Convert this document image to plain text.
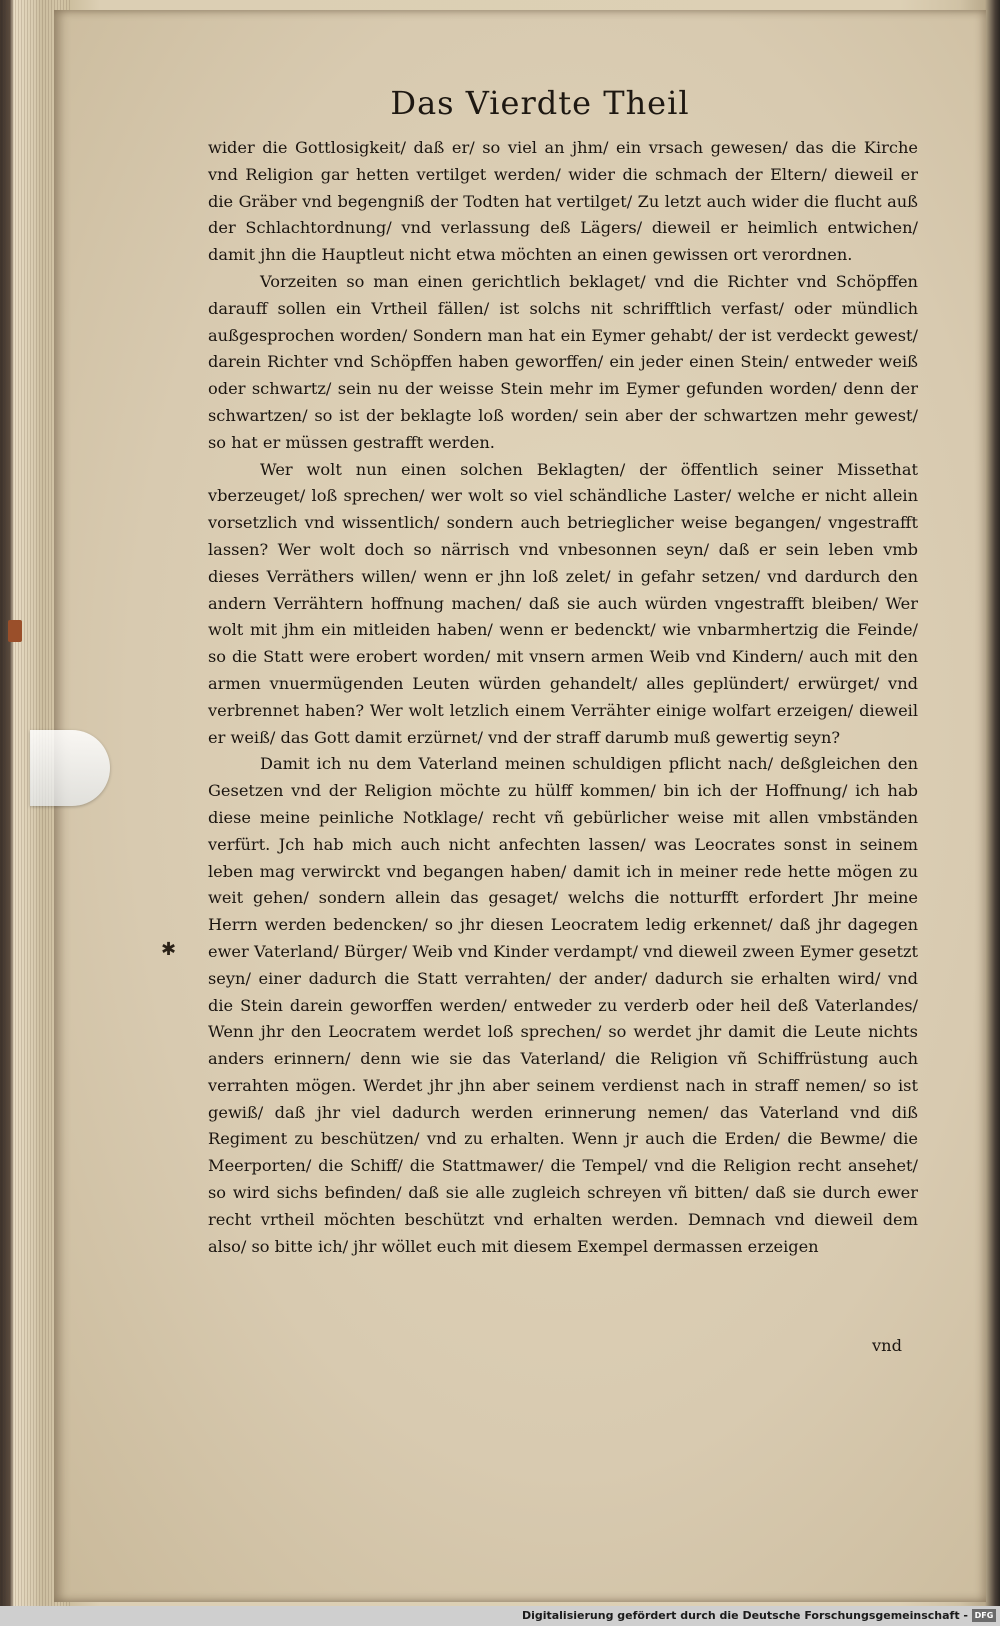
Das Vierdte Theil

wider die Gottlosigkeit/ daß er/ so viel an jhm/ ein vrsach gewesen/ das die Kirche vnd Religion gar hetten vertilget werden/ wider die schmach der Eltern/ dieweil er die Gräber vnd begengniß der Todten hat vertilget/ Zu letzt auch wider die flucht auß der Schlachtordnung/ vnd verlassung deß Lägers/ dieweil er heimlich entwichen/ damit jhn die Hauptleut nicht etwa möchten an einen gewissen ort verordnen.

Vorzeiten so man einen gerichtlich beklaget/ vnd die Richter vnd Schöpffen darauff sollen ein Vrtheil fällen/ ist solchs nit schrifftlich verfast/ oder mündlich außgesprochen worden/ Sondern man hat ein Eymer gehabt/ der ist verdeckt gewest/ darein Richter vnd Schöpffen haben geworffen/ ein jeder einen Stein/ entweder weiß oder schwartz/ sein nu der weisse Stein mehr im Eymer gefunden worden/ denn der schwartzen/ so ist der beklagte loß worden/ sein aber der schwartzen mehr gewest/ so hat er müssen gestrafft werden.

Wer wolt nun einen solchen Beklagten/ der öffentlich seiner Missethat vberzeuget/ loß sprechen/ wer wolt so viel schändliche Laster/ welche er nicht allein vorsetzlich vnd wissentlich/ sondern auch betrieglicher weise begangen/ vngestrafft lassen? Wer wolt doch so närrisch vnd vnbesonnen seyn/ daß er sein leben vmb dieses Verräthers willen/ wenn er jhn loß zelet/ in gefahr setzen/ vnd dardurch den andern Verrähtern hoffnung machen/ daß sie auch würden vngestrafft bleiben/ Wer wolt mit jhm ein mitleiden haben/ wenn er bedenckt/ wie vnbarmhertzig die Feinde/ so die Statt were erobert worden/ mit vnsern armen Weib vnd Kindern/ auch mit den armen vnuermügenden Leuten würden gehandelt/ alles geplündert/ erwürget/ vnd verbrennet haben? Wer wolt letzlich einem Verrähter einige wolfart erzeigen/ dieweil er weiß/ das Gott damit erzürnet/ vnd der straff darumb muß gewertig seyn?

Damit ich nu dem Vaterland meinen schuldigen pflicht nach/ deßgleichen den Gesetzen vnd der Religion möchte zu hülff kommen/ bin ich der Hoffnung/ ich hab diese meine peinliche Notklage/ recht vñ gebürlicher weise mit allen vmbständen verfürt. Jch hab mich auch nicht anfechten lassen/ was Leocrates sonst in seinem leben mag verwirckt vnd begangen haben/ damit ich in meiner rede hette mögen zu weit gehen/ sondern allein das gesaget/ welchs die notturfft erfordert Jhr meine Herrn werden bedencken/ so jhr diesen Leocratem ledig erkennet/ daß jhr dagegen ewer Vaterland/ Bürger/ Weib vnd Kinder verdampt/ vnd dieweil zween Eymer gesetzt seyn/ einer dadurch die Statt verrahten/ der ander/ dadurch sie erhalten wird/ vnd die Stein darein geworffen werden/ entweder zu verderb oder heil deß Vaterlandes/ Wenn jhr den Leocratem werdet loß sprechen/ so werdet jhr damit die Leute nichts anders erinnern/ denn wie sie das Vaterland/ die Religion vñ Schiffrüstung auch verrahten mögen. Werdet jhr jhn aber seinem verdienst nach in straff nemen/ so ist gewiß/ daß jhr viel dadurch werden erinnerung nemen/ das Vaterland vnd diß Regiment zu beschützen/ vnd zu erhalten. Wenn jr auch die Erden/ die Bewme/ die Meerporten/ die Schiff/ die Stattmawer/ die Tempel/ vnd die Religion recht ansehet/ so wird sichs befinden/ daß sie alle zugleich schreyen vñ bitten/ daß sie durch ewer recht vrtheil möchten beschützt vnd erhalten werden. Demnach vnd dieweil dem also/ so bitte ich/ jhr wöllet euch mit diesem Exempel dermassen erzeigen

✱
vnd
Digitalisierung gefördert durch die Deutsche Forschungsgemeinschaft - DFG
